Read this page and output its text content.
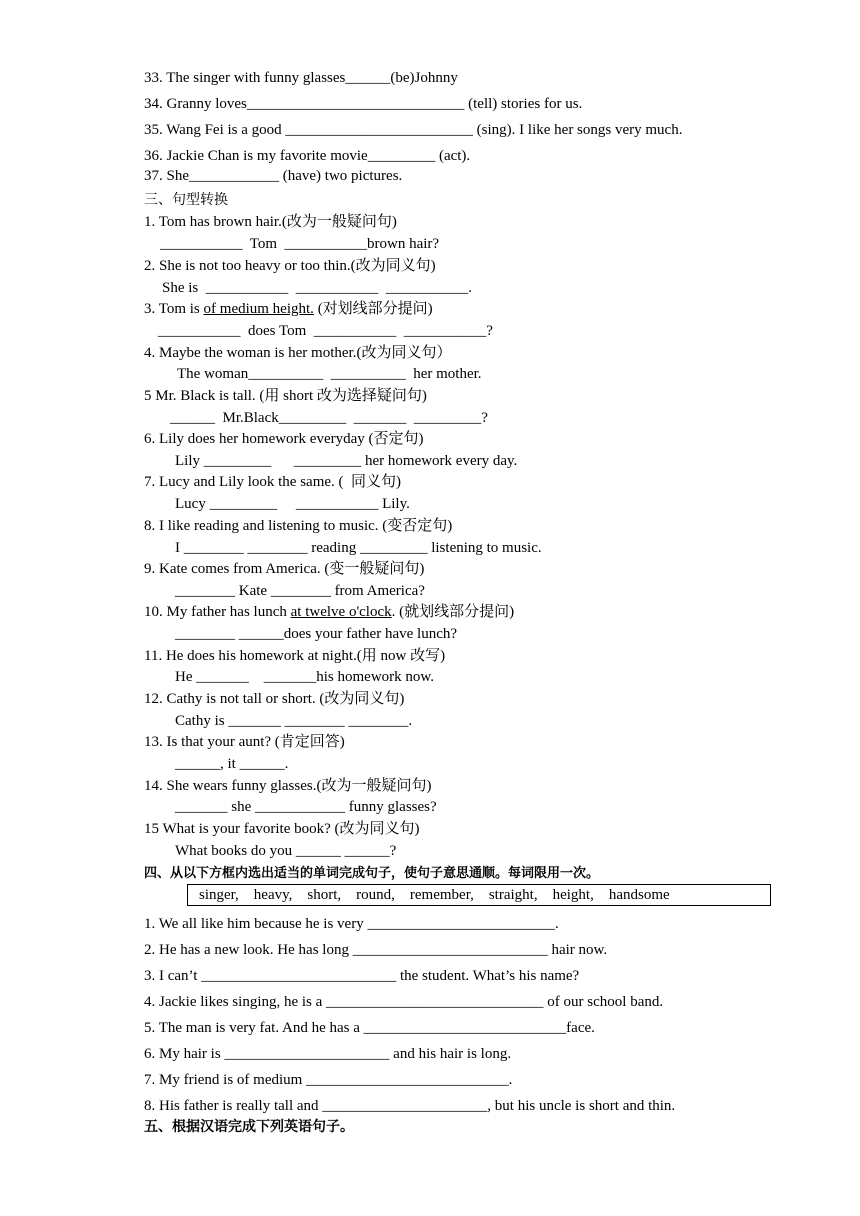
33. The singer with funny glasses______(be)Johnny
34. Granny loves_____________________________ (tell) stories for us.
35. Wang Fei is a good _________________________ (sing). I like her songs very much.
36. Jackie Chan is my favorite movie_________ (act).
37. She____________ (have) two pictures.
三、句型转换
1. Tom has brown hair.(改为一般疑问句)
___________  Tom  ___________brown hair?
2. She is not too heavy or too thin.(改为同义句)
She is  ___________  ___________  ___________.
3. Tom is of medium height. (对划线部分提问)
___________  does Tom  ___________  ___________?
4. Maybe the woman is her mother.(改为同义句）
The woman__________  __________  her mother.
5 Mr. Black is tall. (用 short 改为选择疑问句)
______  Mr.Black_________  _______  _________?
6. Lily does her homework everyday (否定句)
Lily _________      _________ her homework every day.
7. Lucy and Lily look the same. (  同义句)
Lucy _________     ___________ Lily.
8. I like reading and listening to music. (变否定句)
I ________ ________ reading _________ listening to music.
9. Kate comes from America. (变一般疑问句)
________ Kate ________ from America?
10. My father has lunch at twelve o'clock. (就划线部分提问)
________ ______does your father have lunch?
11. He does his homework at night.(用 now 改写)
He _______    _______his homework now.
12. Cathy is not tall or short. (改为同义句)
Cathy is _______ ________ ________.
13. Is that your aunt? (肯定回答)
______, it ______.
14. She wears funny glasses.(改为一般疑问句)
_______ she ____________ funny glasses?
15 What is your favorite book? (改为同义句)
What books do you ______ ______?
四、从以下方框内选出适当的单词完成句子，使句子意思通顺。每词限用一次。
singer,    heavy,    short,    round,    remember,    straight,    height,    handsome
1. We all like him because he is very _________________________.
2. He has a new look. He has long __________________________ hair now.
3. I can’t __________________________ the student. What’s his name?
4. Jackie likes singing, he is a _____________________________ of our school band.
5. The man is very fat. And he has a ___________________________face.
6. My hair is ______________________ and his hair is long.
7. My friend is of medium ___________________________.
8. His father is really tall and ______________________, but his uncle is short and thin.
五、根据汉语完成下列英语句子。
